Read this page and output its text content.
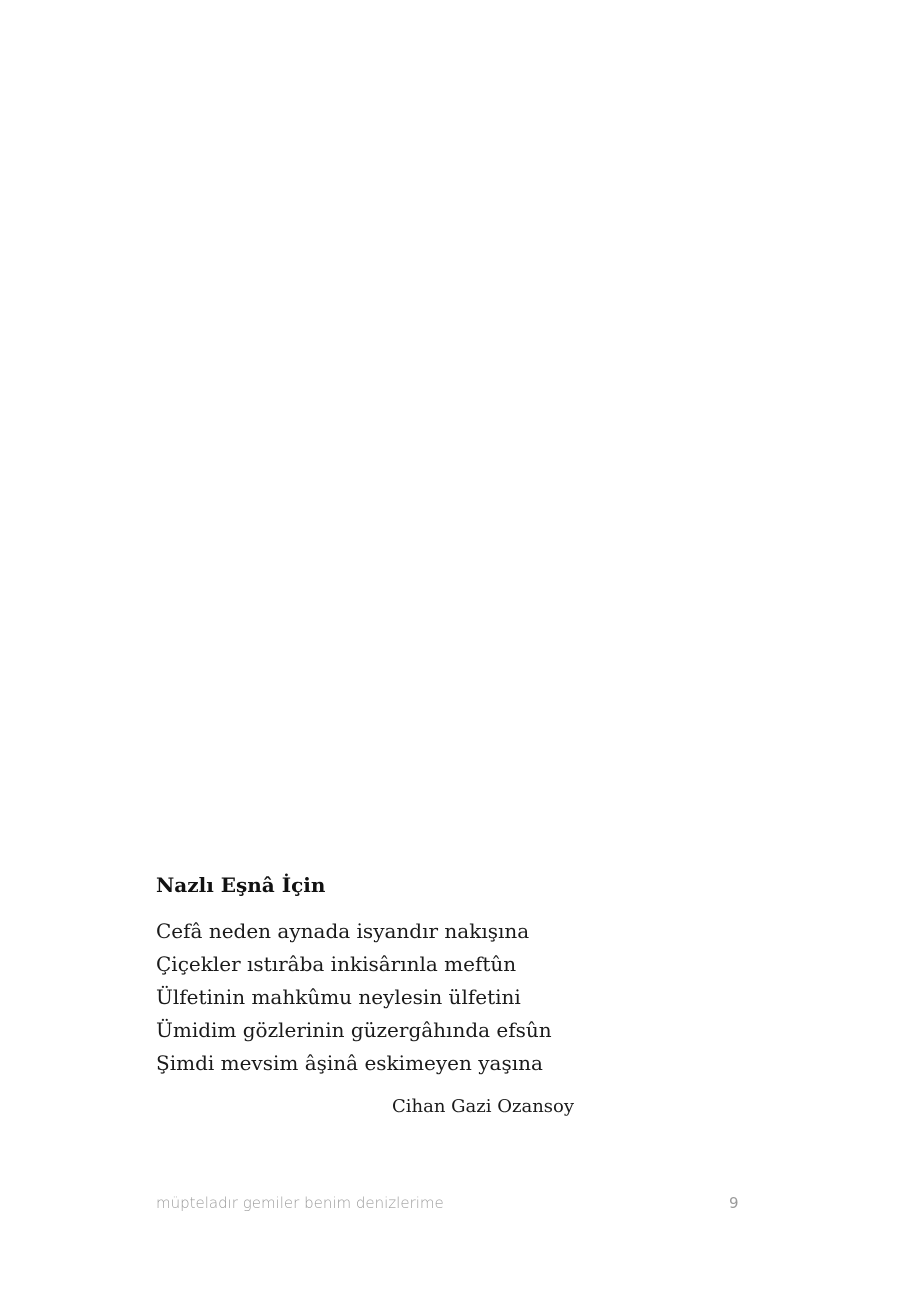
Nazlı Eşnâ İçin
Cefâ neden aynada isyandır nakışına
Çiçekler ıstırâba inkisârınla meftûn
Ülfetinin mahkûmu neylesin ülfetini
Ümidim gözlerinin güzergâhında efsûn
Şimdi mevsim âşinâ eskimeyen yaşına

Cihan Gazi Ozansoy

müpteladır gemiler benim denizlerime	9
